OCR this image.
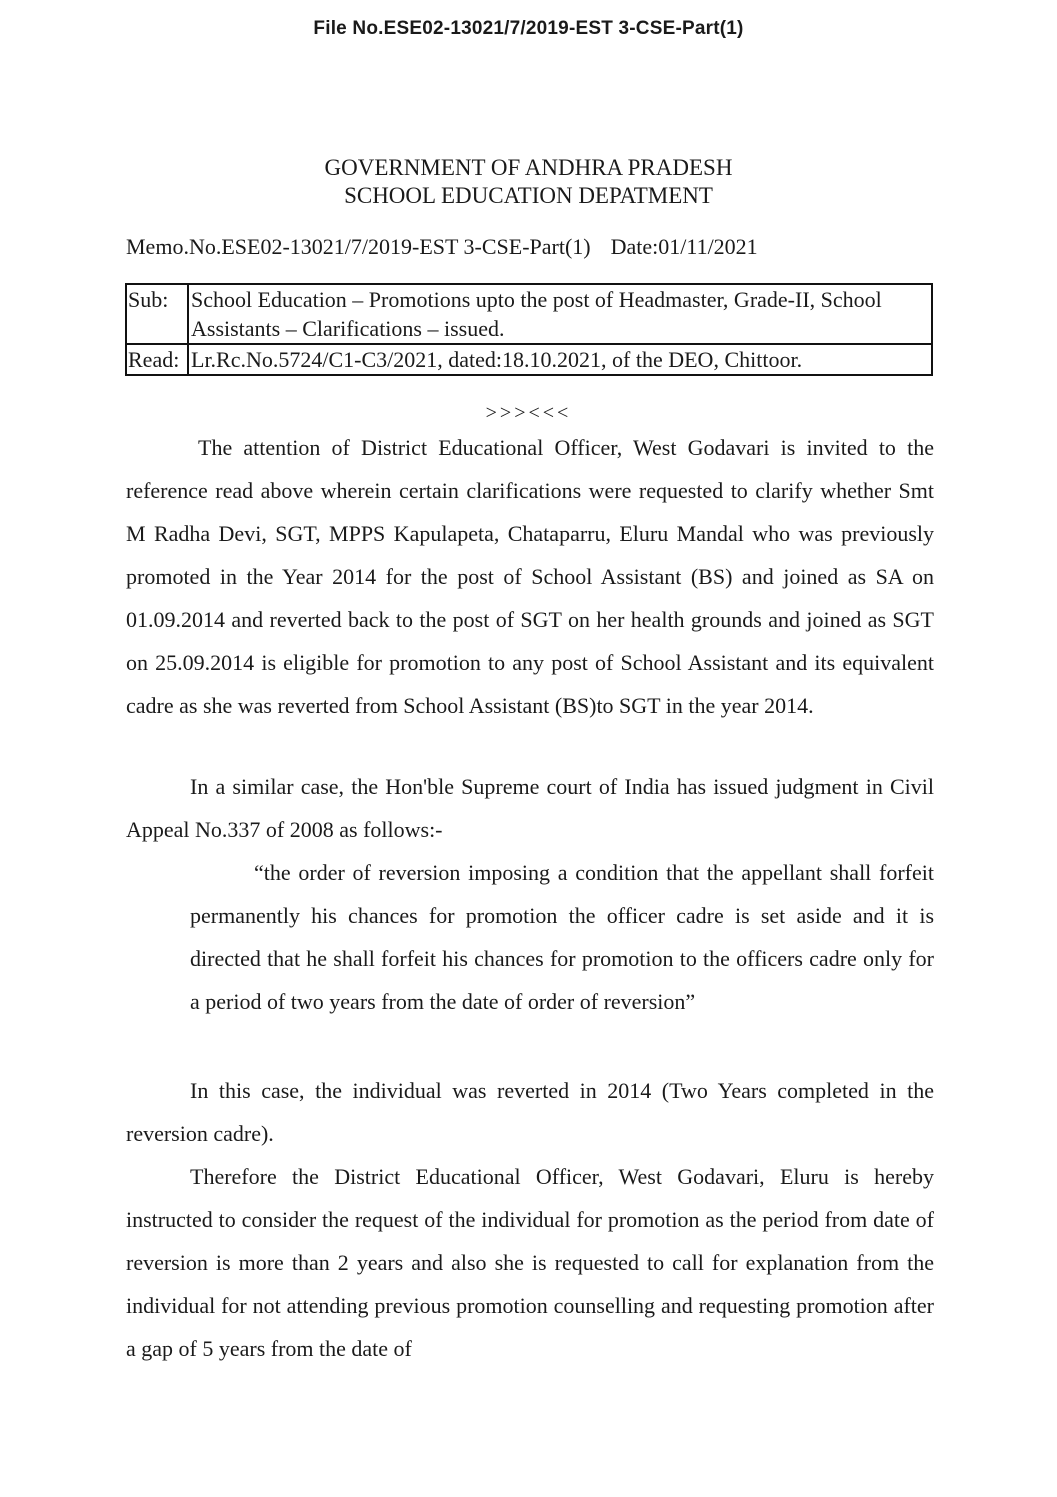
File No.ESE02-13021/7/2019-EST 3-CSE-Part(1)
GOVERNMENT OF ANDHRA PRADESH
SCHOOL EDUCATION DEPATMENT
Memo.No.ESE02-13021/7/2019-EST 3-CSE-Part(1) Date:01/11/2021
Sub:	School Education – Promotions upto the post of Headmaster, Grade-II, School Assistants – Clarifications – issued.
Read:	Lr.Rc.No.5724/C1-C3/2021, dated:18.10.2021, of the DEO, Chittoor.
>>><<<
The attention of District Educational Officer, West Godavari is invited to the reference read above wherein certain clarifications were requested to clarify whether Smt M Radha Devi, SGT, MPPS Kapulapeta, Chataparru, Eluru Mandal who was previously promoted in the Year 2014 for the post of School Assistant (BS) and joined as SA on 01.09.2014 and reverted back to the post of SGT on her health grounds and joined as SGT on 25.09.2014 is eligible for promotion to any post of School Assistant and its equivalent cadre as she was reverted from School Assistant (BS)to SGT in the year 2014.
In a similar case, the Hon'ble Supreme court of India has issued judgment in Civil Appeal No.337 of 2008 as follows:-
“the order of reversion imposing a condition that the appellant shall forfeit permanently his chances for promotion the officer cadre is set aside and it is directed that he shall forfeit his chances for promotion to the officers cadre only for a period of two years from the date of order of reversion”
In this case, the individual was reverted in 2014 (Two Years completed in the reversion cadre).
Therefore the District Educational Officer, West Godavari, Eluru is hereby instructed to consider the request of the individual for promotion as the period from date of reversion is more than 2 years and also she is requested to call for explanation from the individual for not attending previous promotion counselling and requesting promotion after a gap of 5 years from the date of
